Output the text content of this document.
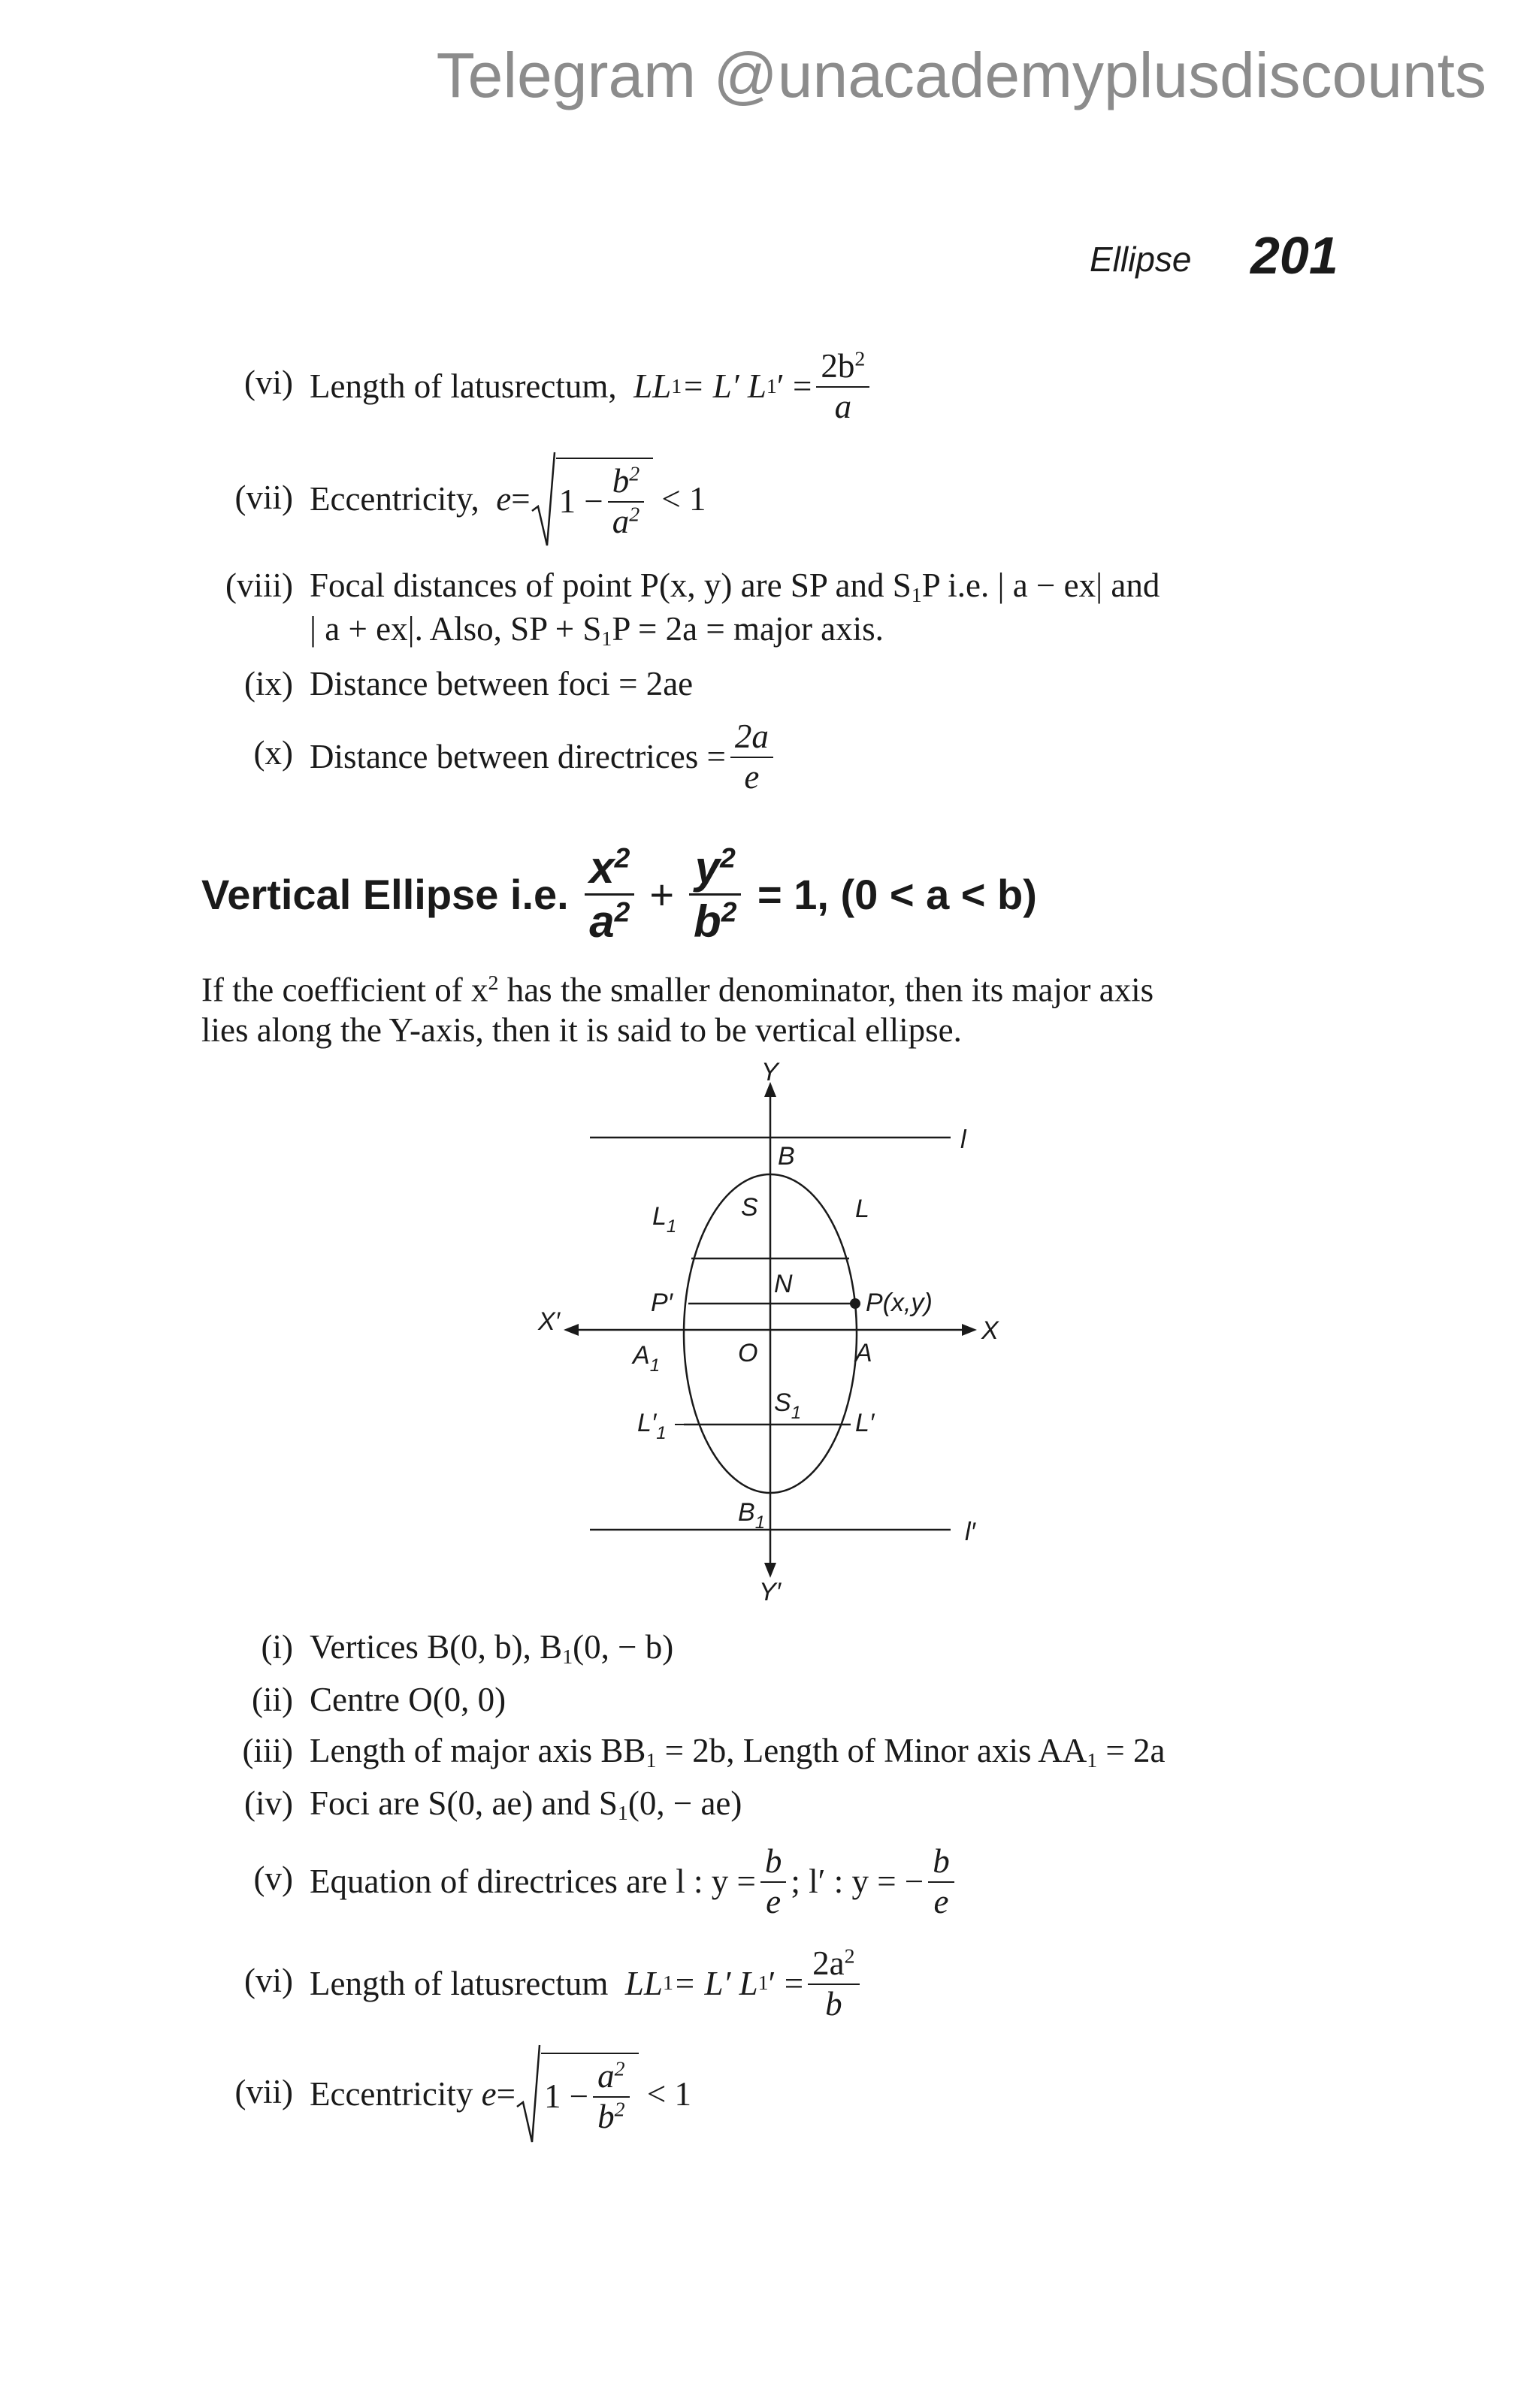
Telegram @unacademyplusdiscounts
Ellipse 201
(vi) Length of latusrectum,
LL 1 = L′ L 1 ′ = $\frac{2b^2}{a}$
(vii) Eccentricity,
$e = 1 - \frac{b^2}{a^2}$
< 1
(viii) Focal distances of point P(x, y) are SP and $S_1P$ i.e. | a − ex| and
| a + ex|. Also, SP + $S_1P = 2a$ = major axis.
(ix) Distance between foci = 2ae
(x) Distance between directrices = $\frac{2a}{e}$
Vertical Ellipse i.e.
$\frac{x^2}{a^2} + \frac{y^2}{b^2}$
= 1, (0 < a < b)
If the coefficient of $x^2$ has the smaller denominator, then its major axis
lies along the Y-axis, then it is said to be vertical ellipse.
Y
Y′
X
X′
B
l
l′
S	L
$L_1$
N
P′	P(x,y)
O	A
$A_1$
$S_1$ L′
$L'_1$
$B_1$
(i) Vertices B(0, b), $B_1(0$, − b)
(ii) Centre O(0, 0)
(iii) Length of major axis $BB_1 = 2b$, Length of Minor axis $AA_1 = 2a$
(iv) Foci are S(0, ae) and $S_1(0$, − ae)
(v) Equation of directrices are l : $y = \frac{b}{e}$ ; l′ : y = − $\frac{b}{e}$
(vi) Length of latusrectum
LL 1 = L′ L 1 ′ = $\frac{2a^2}{b}$
(vii) Eccentricity
$e = 1 - \frac{a^2}{b^2}$
< 1
